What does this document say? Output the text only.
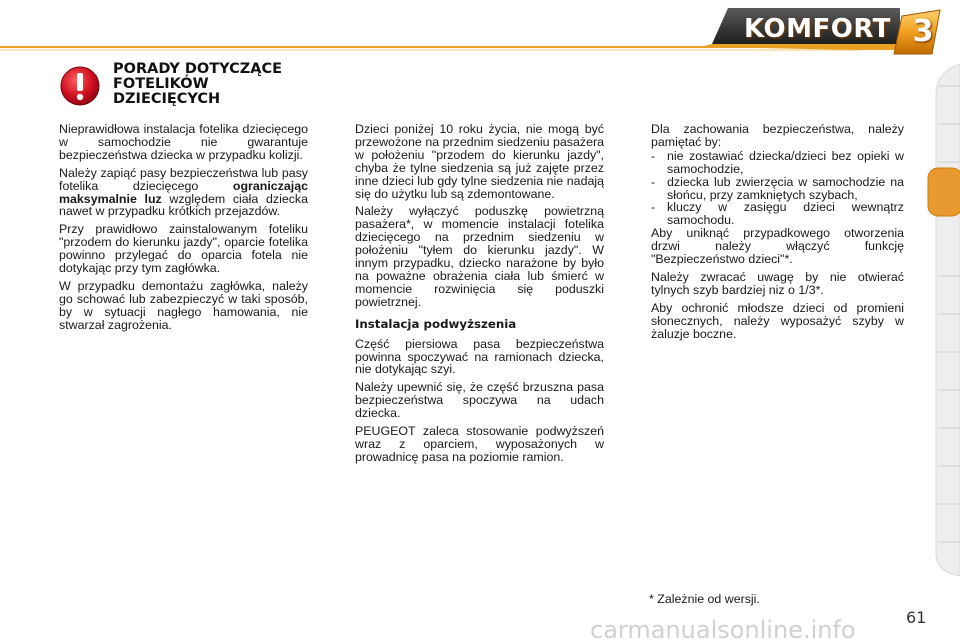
KOMFORT 3
PORADY DOTYCZĄCE
FOTELIKÓW
DZIECIĘCYCH

Nieprawidłowa instalacja fotelika dziecięcego w samochodzie nie gwarantuje bezpieczeństwa dziecka w przypadku kolizji.

Należy zapiąć pasy bezpieczeństwa lub pasy fotelika dziecięcego ograniczając maksymalnie luz względem ciała dziecka nawet w przypadku krótkich przejazdów.

Przy prawidłowo zainstalowanym foteliku "przodem do kierunku jazdy", oparcie fotelika powinno przylegać do oparcia fotela nie dotykając przy tym zagłówka.

W przypadku demontażu zagłówka, należy go schować lub zabezpieczyć w taki sposób, by w sytuacji nagłego hamowania, nie stwarzał zagrożenia.

Dzieci poniżej 10 roku życia, nie mogą być przewożone na przednim siedzeniu pasażera w położeniu "przodem do kierunku jazdy", chyba że tylne siedzenia są już zajęte przez inne dzieci lub gdy tylne siedzenia nie nadają się do użytku lub są zdemontowane.

Należy wyłączyć poduszkę powietrzną pasażera*, w momencie instalacji fotelika dziecięcego na przednim siedzeniu w położeniu "tyłem do kierunku jazdy". W innym przypadku, dziecko narażone by było na poważne obrażenia ciała lub śmierć w momencie rozwinięcia się poduszki powietrznej.

Instalacja podwyższenia

Część piersiowa pasa bezpieczeństwa powinna spoczywać na ramionach dziecka, nie dotykając szyi.

Należy upewnić się, że część brzuszna pasa bezpieczeństwa spoczywa na udach dziecka.

PEUGEOT zaleca stosowanie podwyższeń wraz z oparciem, wyposażonych w prowadnicę pasa na poziomie ramion.

Dla zachowania bezpieczeństwa, należy pamiętać by:

- nie zostawiać dziecka/dzieci bez opieki w samochodzie,
- dziecka lub zwierzęcia w samochodzie na słońcu, przy zamkniętych szybach,
- kluczy w zasięgu dzieci wewnątrz samochodu.

Aby uniknąć przypadkowego otworzenia drzwi należy włączyć funkcję "Bezpieczeństwo dzieci"*.

Należy zwracać uwagę by nie otwierać tylnych szyb bardziej niz o 1/3*.

Aby ochronić młodsze dzieci od promieni słonecznych, należy wyposażyć szyby w żaluzje boczne.

* Zależnie od wersji.
carmanualsonline.info	61
